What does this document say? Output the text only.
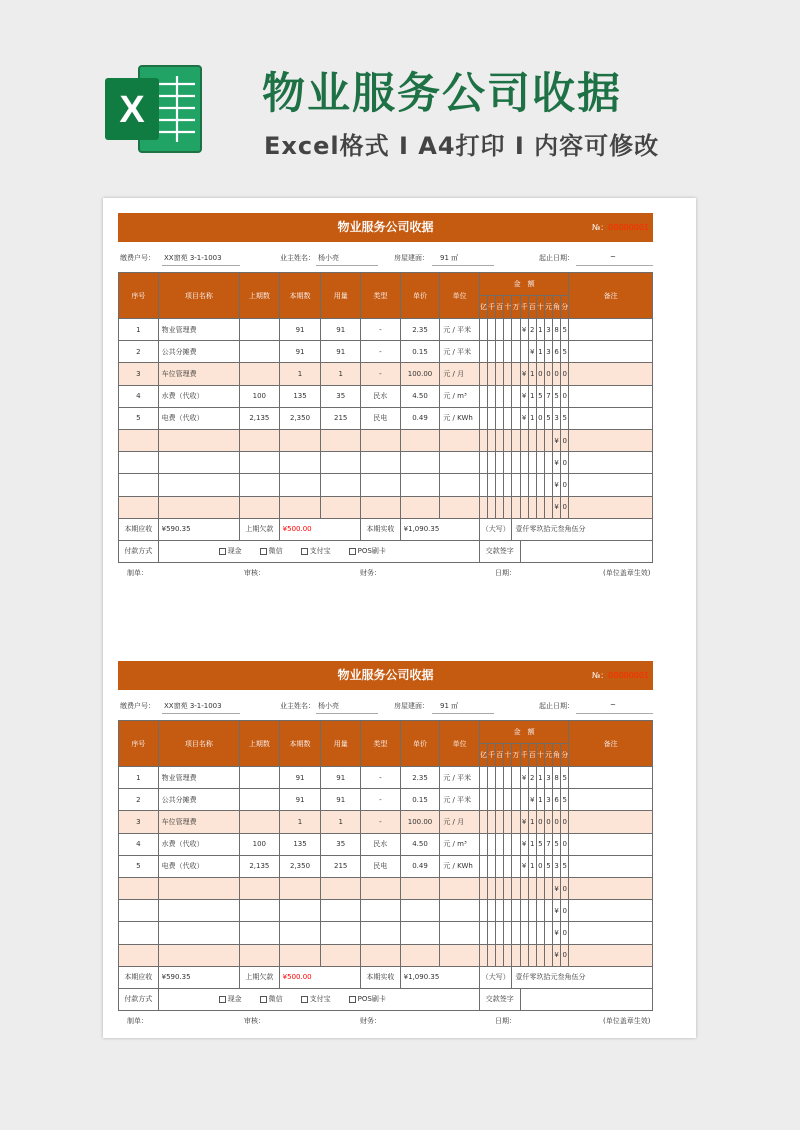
X	物业服务公司收据
Excel格式 I A4打印 I 内容可修改
物业服务公司收据	№：00000001
缴费户号： XX窗苑 3-1-1003	业主姓名： 杨小亮	房屋建面： 91 ㎡	起止日期：	~
序号	项目名称	上期数	本期数	用量	类型	单价	单位	金　额											备注
								亿	千	百	十	万	千	百	十	元	角	分	
1	物业管理费		91	91	-	2.35	元 / 平米						¥	2	1	3	8	5	
2	公共分摊费		91	91	-	0.15	元 / 平米							¥	1	3	6	5	
3	车位管理费		1	1	-	100.00	元 / 月						¥	1	0	0	0	0	
4	水费（代收）	100	135	35	民水	4.50	元 / m³						¥	1	5	7	5	0	
5	电费（代收）	2,135	2,350	215	民电	0.49	元 / KWh						¥	1	0	5	3	5	
																	¥	0	
																	¥	0	
																	¥	0	
																	¥	0	
本期应收	¥590.35	上期欠款	¥500.00		本期实收	¥1,090.35		（大写）				壹仟零玖拾元叁角伍分							
付款方式	现金 微信 支付宝 POS刷卡							交款签字											
制单：	审核：	财务：	日期：	(单位盖章生效)
物业服务公司收据	№：00000001
缴费户号： XX窗苑 3-1-1003	业主姓名： 杨小亮	房屋建面： 91 ㎡	起止日期：	~
序号	项目名称	上期数	本期数	用量	类型	单价	单位	金　额											备注
								亿	千	百	十	万	千	百	十	元	角	分	
1	物业管理费		91	91	-	2.35	元 / 平米						¥	2	1	3	8	5	
2	公共分摊费		91	91	-	0.15	元 / 平米							¥	1	3	6	5	
3	车位管理费		1	1	-	100.00	元 / 月						¥	1	0	0	0	0	
4	水费（代收）	100	135	35	民水	4.50	元 / m³						¥	1	5	7	5	0	
5	电费（代收）	2,135	2,350	215	民电	0.49	元 / KWh						¥	1	0	5	3	5	
																	¥	0	
																	¥	0	
																	¥	0	
																	¥	0	
本期应收	¥590.35	上期欠款	¥500.00		本期实收	¥1,090.35		（大写）				壹仟零玖拾元叁角伍分							
付款方式	现金 微信 支付宝 POS刷卡							交款签字											
制单：	审核：	财务：	日期：	(单位盖章生效)
